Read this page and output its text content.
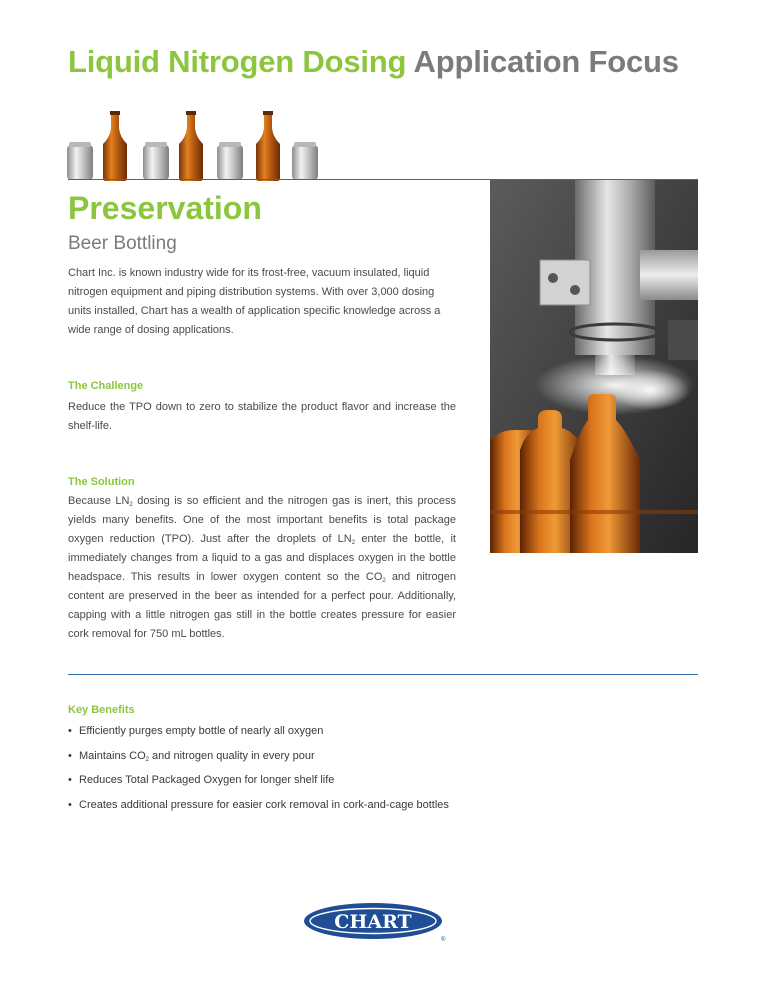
Liquid Nitrogen Dosing Application Focus
Preservation
Beer Bottling
Chart Inc. is known industry wide for its frost-free, vacuum insulated, liquid nitrogen equipment and piping distribution systems. With over 3,000 dosing units installed, Chart has a wealth of application specific knowledge across a wide range of dosing applications.
The Challenge
Reduce the TPO down to zero to stabilize the product flavor and increase the shelf-life.
The Solution
Because $LN_2$ dosing is so efficient and the nitrogen gas is inert, this process yields many benefits. One of the most important benefits is total package oxygen reduction (TPO). Just after the droplets of $LN_2$ enter the bottle, it immediately changes from a liquid to a gas and displaces oxygen in the bottle headspace. This results in lower oxygen content so the $CO_2$ and nitrogen content are preserved in the beer as intended for a perfect pour. Additionally, capping with a little nitrogen gas still in the bottle creates pressure for easier cork removal for 750 mL bottles.
Key Benefits
• Efficiently purges empty bottle of nearly all oxygen
• Maintains $CO_2$ and nitrogen quality in every pour
• Reduces Total Packaged Oxygen for longer shelf life
• Creates additional pressure for easier cork removal in cork-and-cage bottles
CHART
®
